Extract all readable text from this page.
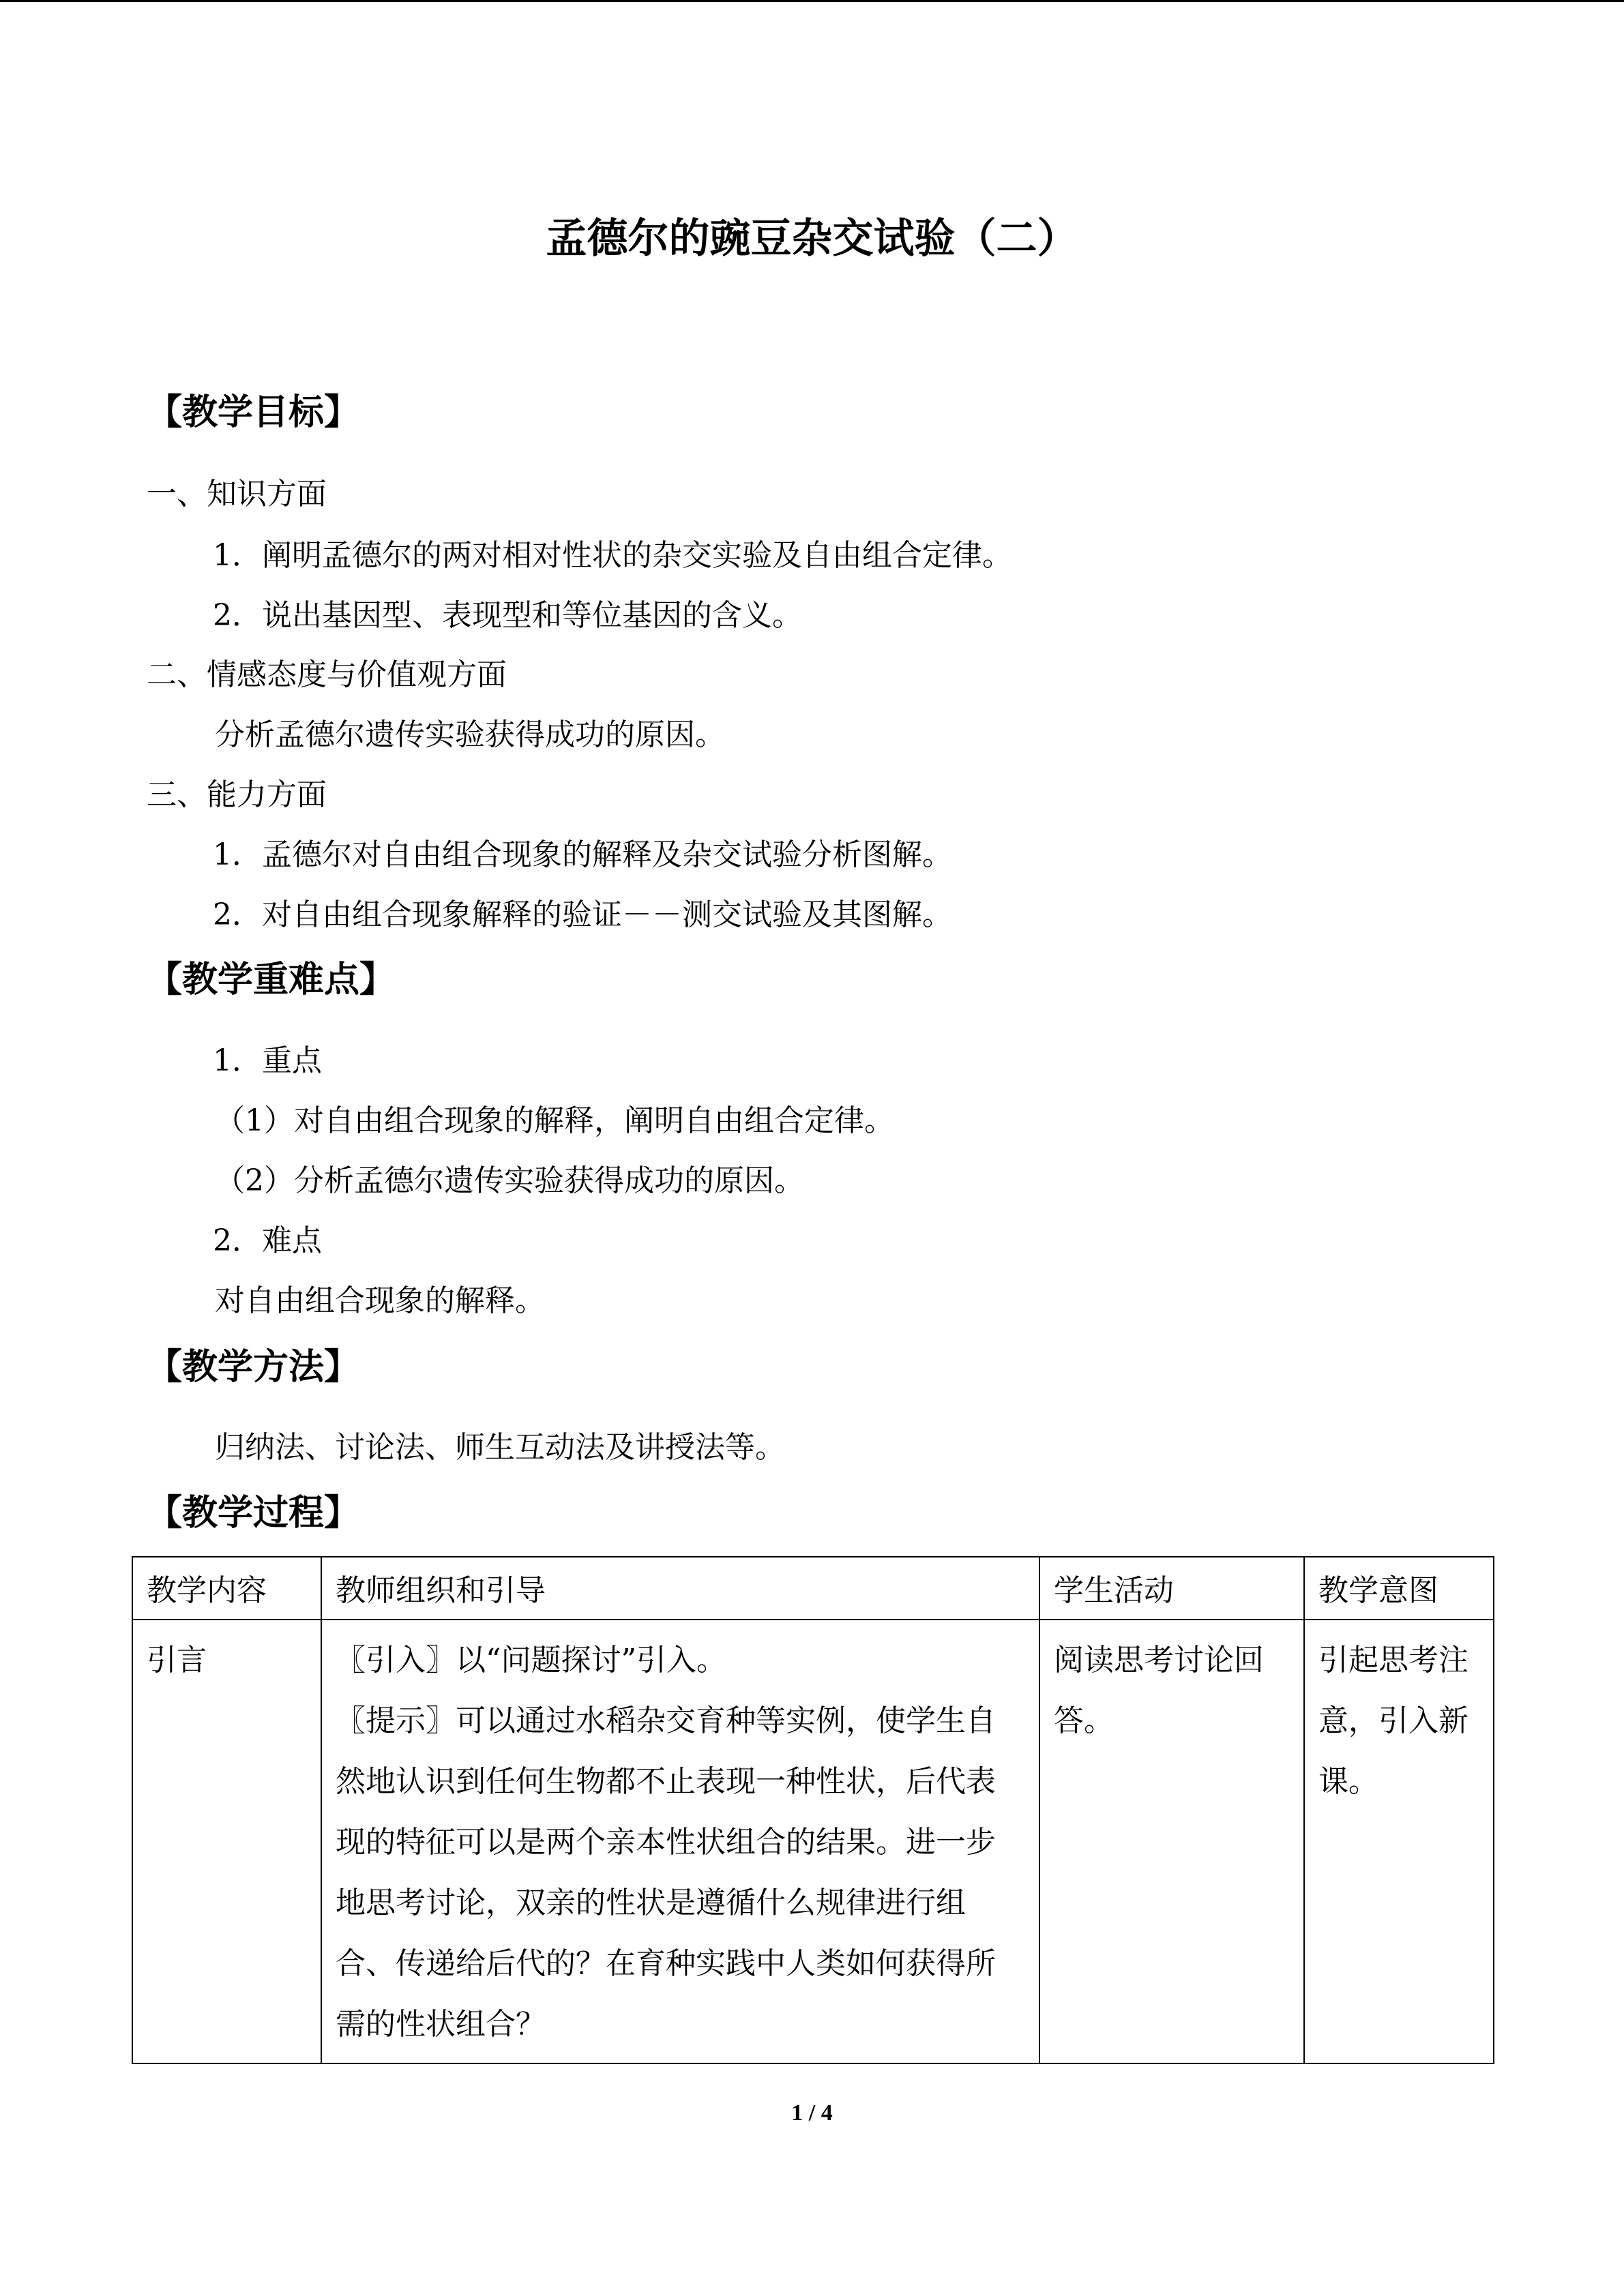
孟德尔的豌豆杂交试验（二）
【教学目标】
一、知识方面
1．阐明孟德尔的两对相对性状的杂交实验及自由组合定律。
2．说出基因型、表现型和等位基因的含义。
二、情感态度与价值观方面
分析孟德尔遗传实验获得成功的原因。
三、能力方面
1．孟德尔对自由组合现象的解释及杂交试验分析图解。
2．对自由组合现象解释的验证－－测交试验及其图解。
【教学重难点】
1．重点
（1）对自由组合现象的解释，阐明自由组合定律。
（2）分析孟德尔遗传实验获得成功的原因。
2．难点
对自由组合现象的解释。
【教学方法】
归纳法、讨论法、师生互动法及讲授法等。
【教学过程】
教学内容	教师组织和引导	学生活动	教学意图
引言	〖引入〗以“问题探讨”引入。
〖提示〗可以通过水稻杂交育种等实例，使学生自然地认识到任何生物都不止表现一种性状，后代表现的特征可以是两个亲本性状组合的结果。进一步地思考讨论，双亲的性状是遵循什么规律进行组合、传递给后代的？在育种实践中人类如何获得所需的性状组合？	阅读思考讨论回答。	引起思考注意，引入新课。
1 / 4
